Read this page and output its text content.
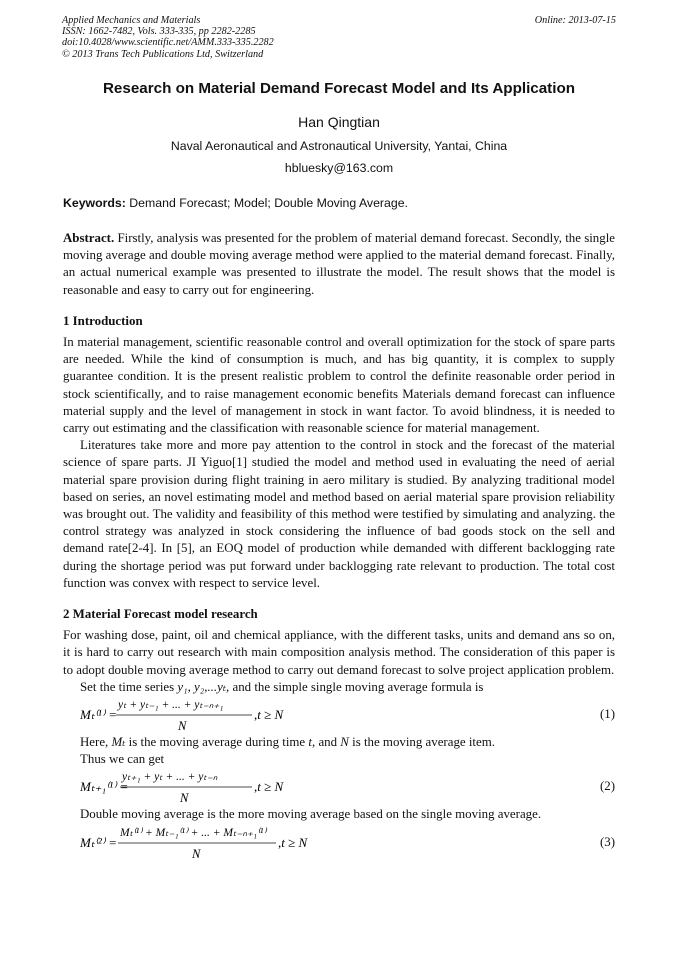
Applied Mechanics and Materials
ISSN: 1662-7482, Vols. 333-335, pp 2282-2285
doi:10.4028/www.scientific.net/AMM.333-335.2282
© 2013 Trans Tech Publications Ltd, Switzerland
Online: 2013-07-15
Research on Material Demand Forecast Model and Its Application
Han Qingtian
Naval Aeronautical and Astronautical University, Yantai, China
hbluesky@163.com
Keywords: Demand Forecast; Model; Double Moving Average.

Abstract. Firstly, analysis was presented for the problem of material demand forecast. Secondly, the single moving average and double moving average method were applied to the material demand forecast. Finally, an actual numerical example was presented to illustrate the model. The result shows that the model is reasonable and easy to carry out for engineering.

1 Introduction

In material management, scientific reasonable control and overall optimization for the stock of spare parts are needed. While the kind of consumption is much, and has big quantity, it is complex to supply guarantee condition. It is the present realistic problem to control the definite reasonable order period in stock scientifically, and to raise management economic benefits Materials demand forecast can influence material supply and the level of management in stock in want factor. To avoid blindness, it is needed to carry out estimating and the classification with reasonable science for material management.

Literatures take more and more pay attention to the control in stock and the forecast of the material science of spare parts. JI Yiguo[1] studied the model and method used in evaluating the need of aerial material spare provision during flight training in aero military is studied. By analyzing traditional model based on series, an novel estimating model and method based on aerial material spare provision reliability was brought out. The validity and feasibility of this method were testified by simulating and analyzing. the control strategy was analyzed in stock considering the influence of bad goods stock on the sell and demand rate[2-4]. In [5], an EOQ model of production while demanded with different backlogging rate during the shortage period was put forward under backlogging rate relevant to production. The total cost function was convex with respect to service level.

2 Material Forecast model research

For washing dose, paint, oil and chemical appliance, with the different tasks, units and demand ans so on, it is hard to carry out research with main composition analysis method. The consideration of this paper is to adopt double moving average method to carry out demand forecast to solve project application problem.

Set the time series y₁, y₂,...yₜ, and the simple single moving average formula is

Mₜ⁽¹⁾ =
yₜ + yₜ₋₁ + ... + yₜ₋ₙ₊₁
N
,t ≥ N	(1)

Here, Mₜ is the moving average during time t, and N is the moving average item.

Thus we can get

Mₜ₊₁⁽¹⁾ =
yₜ₊₁ + yₜ + ... + yₜ₋ₙ
N
,t ≥ N	(2)

Double moving average is the more moving average based on the single moving average.

Mₜ⁽²⁾ =
Mₜ⁽¹⁾ + Mₜ₋₁⁽¹⁾ + ... + Mₜ₋ₙ₊₁⁽¹⁾
N
,t ≥ N	(3)
